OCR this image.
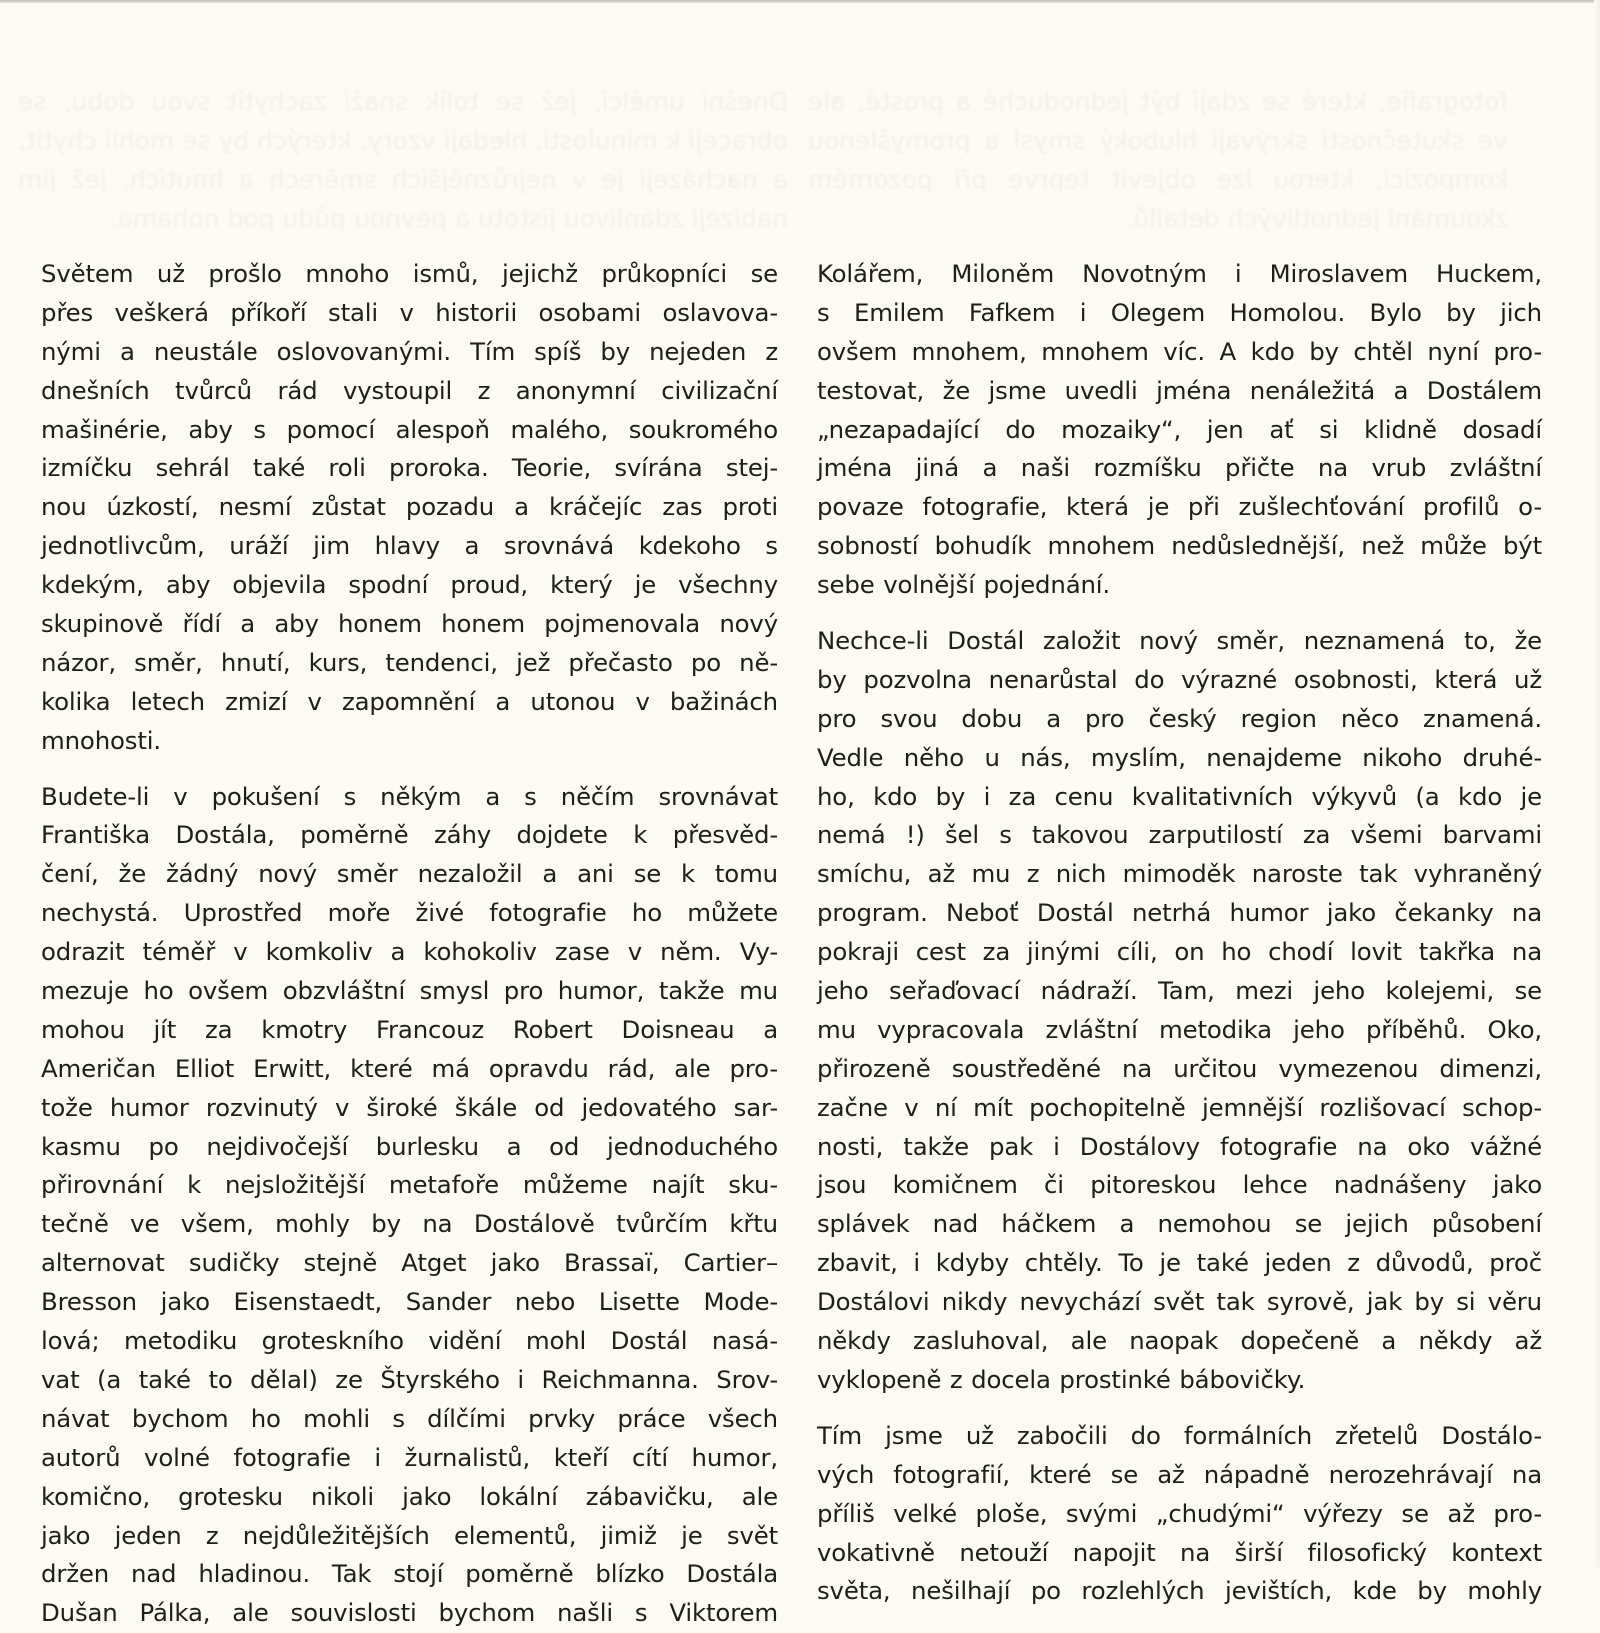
Dnešní umělci, jež se tolik snaží zachytit svou dobu, se obracejí k minulosti, hledají vzory, kterých by se mohli chytit, a nacházejí je v nejrůznějších směrech a hnutích, jež jim nabízejí zdánlivou jistotu a pevnou půdu pod nohama.
fotografie, které se zdají být jednoduché a prosté, ale ve skutečnosti skrývají hluboký smysl a promyšlenou kompozici, kterou lze objevit teprve při pozorném zkoumání jednotlivých detailů.
Světem už prošlo mnoho ismů, jejichž průkopníci se
přes veškerá příkoří stali v historii osobami oslavova-
nými a neustále oslovovanými. Tím spíš by nejeden z
dnešních tvůrců rád vystoupil z anonymní civilizační
mašinérie, aby s pomocí alespoň malého, soukromého
izmíčku sehrál také roli proroka. Teorie, svírána stej-
nou úzkostí, nesmí zůstat pozadu a kráčejíc zas proti
jednotlivcům, uráží jim hlavy a srovnává kdekoho s
kdekým, aby objevila spodní proud, který je všechny
skupinově řídí a aby honem honem pojmenovala nový
názor, směr, hnutí, kurs, tendenci, jež přečasto po ně-
kolika letech zmizí v zapomnění a utonou v bažinách
mnohosti.
Budete-li v pokušení s někým a s něčím srovnávat
Františka Dostála, poměrně záhy dojdete k přesvěd-
čení, že žádný nový směr nezaložil a ani se k tomu
nechystá. Uprostřed moře živé fotografie ho můžete
odrazit téměř v komkoliv a kohokoliv zase v něm. Vy-
mezuje ho ovšem obzvláštní smysl pro humor, takže mu
mohou jít za kmotry Francouz Robert Doisneau a
Američan Elliot Erwitt, které má opravdu rád, ale pro-
tože humor rozvinutý v široké škále od jedovatého sar-
kasmu po nejdivočejší burlesku a od jednoduchého
přirovnání k nejsložitější metafoře můžeme najít sku-
tečně ve všem, mohly by na Dostálově tvůrčím křtu
alternovat sudičky stejně Atget jako Brassaï, Cartier–
Bresson jako Eisenstaedt, Sander nebo Lisette Mode-
lová; metodiku groteskního vidění mohl Dostál nasá-
vat (a také to dělal) ze Štyrského i Reichmanna. Srov-
návat bychom ho mohli s dílčími prvky práce všech
autorů volné fotografie i žurnalistů, kteří cítí humor,
komično, grotesku nikoli jako lokální zábavičku, ale
jako jeden z nejdůležitějších elementů, jimiž je svět
držen nad hladinou. Tak stojí poměrně blízko Dostála
Dušan Pálka, ale souvislosti bychom našli s Viktorem
Kolářem, Miloněm Novotným i Miroslavem Huckem,
s Emilem Fafkem i Olegem Homolou. Bylo by jich
ovšem mnohem, mnohem víc. A kdo by chtěl nyní pro-
testovat, že jsme uvedli jména nenáležitá a Dostálem
„nezapadající do mozaiky“, jen ať si klidně dosadí
jména jiná a naši rozmíšku přičte na vrub zvláštní
povaze fotografie, která je při zušlechťování profilů o-
sobností bohudík mnohem nedůslednější, než může být
sebe volnější pojednání.
Nechce-li Dostál založit nový směr, neznamená to, že
by pozvolna nenarůstal do výrazné osobnosti, která už
pro svou dobu a pro český region něco znamená.
Vedle něho u nás, myslím, nenajdeme nikoho druhé-
ho, kdo by i za cenu kvalitativních výkyvů (a kdo je
nemá !) šel s takovou zarputilostí za všemi barvami
smíchu, až mu z nich mimoděk naroste tak vyhraněný
program. Neboť Dostál netrhá humor jako čekanky na
pokraji cest za jinými cíli, on ho chodí lovit takřka na
jeho seřaďovací nádraží. Tam, mezi jeho kolejemi, se
mu vypracovala zvláštní metodika jeho příběhů. Oko,
přirozeně soustředěné na určitou vymezenou dimenzi,
začne v ní mít pochopitelně jemnější rozlišovací schop-
nosti, takže pak i Dostálovy fotografie na oko vážné
jsou komičnem či pitoreskou lehce nadnášeny jako
splávek nad háčkem a nemohou se jejich působení
zbavit, i kdyby chtěly. To je také jeden z důvodů, proč
Dostálovi nikdy nevychází svět tak syrově, jak by si věru
někdy zasluhoval, ale naopak dopečeně a někdy až
vyklopeně z docela prostinké bábovičky.
Tím jsme už zabočili do formálních zřetelů Dostálo-
vých fotografií, které se až nápadně nerozehrávají na
příliš velké ploše, svými „chudými“ výřezy se až pro-
vokativně netouží napojit na širší filosofický kontext
světa, nešilhají po rozlehlých jevištích, kde by mohly
